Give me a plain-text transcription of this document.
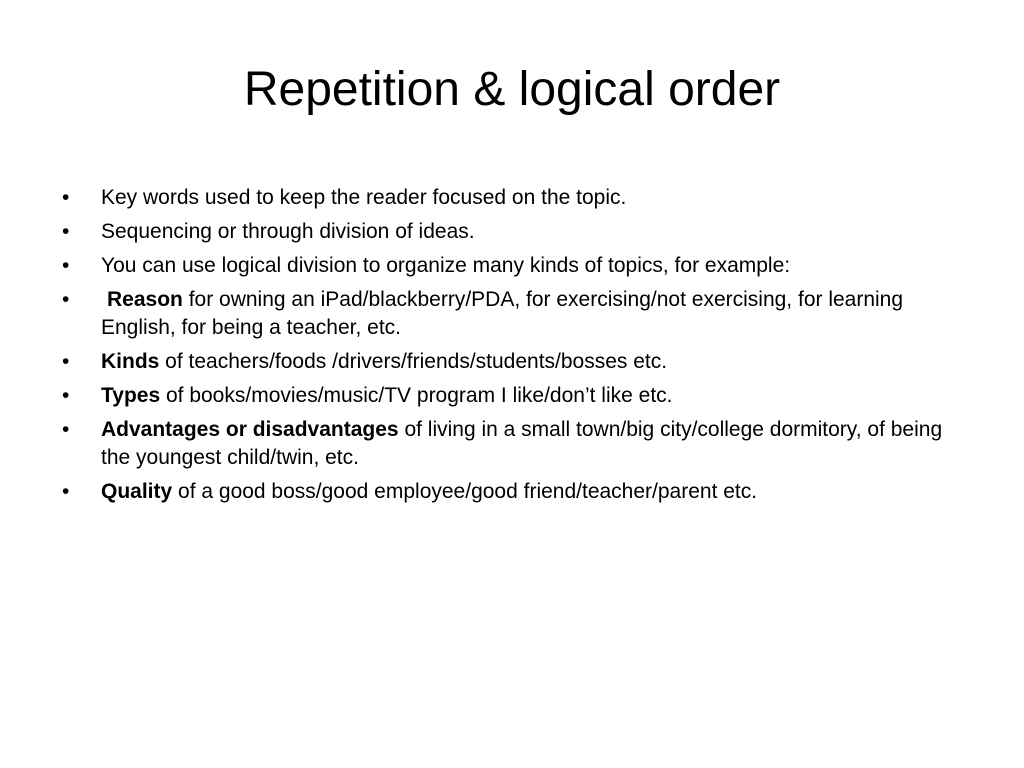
Repetition & logical order
• Key words used to keep the reader focused on the topic.
• Sequencing or through division of ideas.
• You can use logical division to organize many kinds of topics, for example:
• Reason for owning an iPad/blackberry/PDA, for exercising/not exercising, for learning English, for being a teacher, etc.
• Kinds of teachers/foods /drivers/friends/students/bosses etc.
• Types of books/movies/music/TV program I like/don’t like etc.
• Advantages or disadvantages of living in a small town/big city/college dormitory, of being the youngest child/twin, etc.
• Quality of a good boss/good employee/good friend/teacher/parent etc.
